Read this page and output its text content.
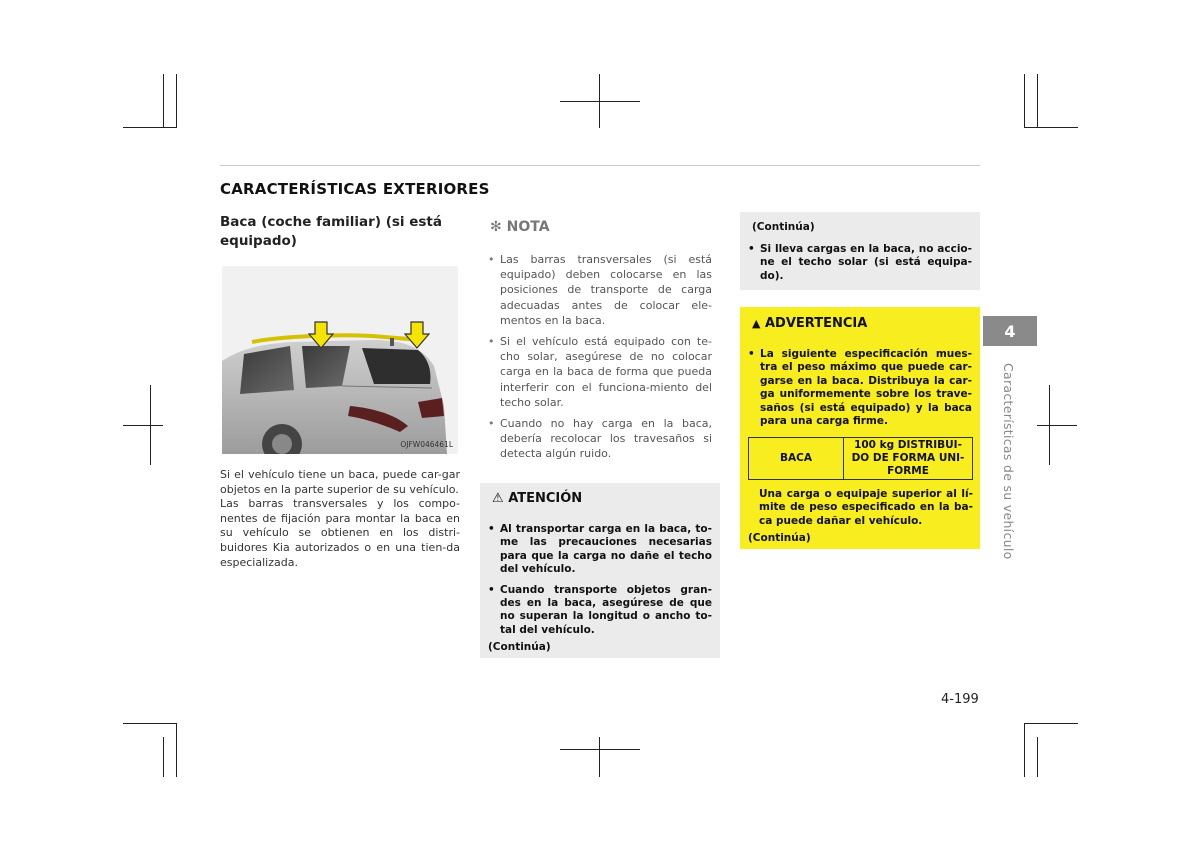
CARACTERÍSTICAS EXTERIORES
Baca (coche familiar) (si está equipado)
OJFW046461L

Si el vehículo tiene un baca, puede car-gar objetos en la parte superior de su vehículo.

Las barras transversales y los compo-nentes de fijación para montar la baca en su vehículo se obtienen en los distri-buidores Kia autorizados o en una tien-da especializada.

✻ NOTA
• Las barras transversales (si está equipado) deben colocarse en las posiciones de transporte de carga adecuadas antes de colocar ele-mentos en la baca.
• Si el vehículo está equipado con te-cho solar, asegúrese de no colocar carga en la baca de forma que pueda interferir con el funciona-miento del techo solar.
• Cuando no hay carga en la baca, debería recolocar los travesaños si detecta algún ruido.
⚠ ATENCIÓN
• Al transportar carga en la baca, to-me las precauciones necesarias para que la carga no dañe el techo del vehículo.
• Cuando transporte objetos gran-des en la baca, asegúrese de que no superan la longitud o ancho to-tal del vehículo.
(Continúa)
(Continúa)
• Si lleva cargas en la baca, no accio-ne el techo solar (si está equipa-do).
▲ ADVERTENCIA
• La siguiente especificación mues-tra el peso máximo que puede car-garse en la baca. Distribuya la car-ga uniformemente sobre los trave-saños (si está equipado) y la baca para una carga firme.
BACA	100 kg DISTRIBUI-DO DE FORMA UNI-FORME
Una carga o equipaje superior al lí-mite de peso especificado en la ba-ca puede dañar el vehículo.
(Continúa)
4
Características de su vehículo
4-199
